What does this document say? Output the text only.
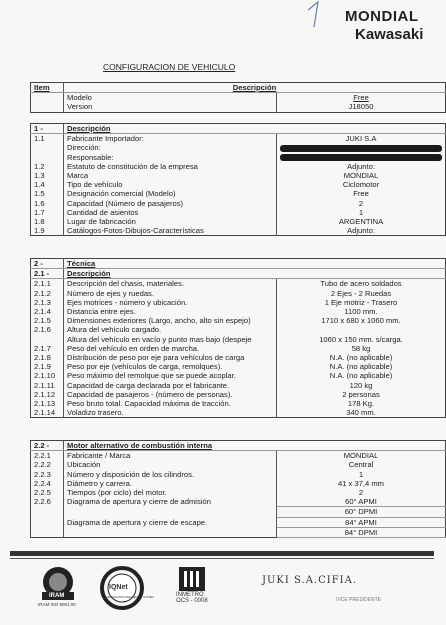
MONDIAL
Kawasaki
CONFIGURACION DE VEHICULO
Item	Descripción	
	Modelo	Free
	Version	J18050
1 -	Descripción	
1.1	Fabricante Importador:	JUKI S.A
	Dirección:	

	Responsable:	

1.2	Estatuto de constitución de la empresa	Adjunto:
1.3	Marca	MONDIAL
1.4	Tipo de vehículo	Ciclomotor
1.5	Designación comercial (Modelo)	Free
1.6	Capacidad (Número de pasajeros)	2
1.7	Cantidad de asientos	1
1.8	Lugar de fabricación	ARGENTINA
1.9	Catálogos-Fotos-Dibujos-Características	Adjunto:
2 -	Técnica	
2.1 -	Descripción	
2.1.1	Descripción del chasis, materiales.	Tubo de acero soldados
2.1.2	Número de ejes y ruedas.	2 Ejes - 2 Ruedas
2.1.3	Ejes motrices - número y ubicación.	1 Eje motriz - Trasero
2.1.4	Distancia entre ejes.	1100 mm.
2.1.5	Dimensiones exteriores (Largo, ancho, alto sin espejo)	1710 x 680 x 1060 mm.
2.1.6	Altura del vehículo cargado.	
	Altura del vehículo en vacío y punto mas bajo (despeje	1060 x 150 mm. s/carga.
2.1.7	Peso del vehículo en orden de marcha.	58 kg
2.1.8	Distribución de peso por eje para vehículos de carga	N.A. (no aplicable)
2.1.9	Peso por eje (vehículos de carga, remolques).	N.A. (no aplicable)
2.1.10	Peso máximo del remolque que se puede acoplar.	N.A. (no aplicable)
2.1.11	Capacidad de carga declarada por el fabricante.	120 kg
2.1.12	Capacidad de pasajeros - (número de personas).	2 personas
2.1.13	Peso bruto total. Capacidad máxima de tracción.	178 Kg.
2.1.14	Voladizo trasero.	340 mm.
2.2 -	Motor alternativo de combustión interna	
2.2.1	Fabricante / Marca	MONDIAL
2.2.2	Ubicación	Central
2.2.3	Número y disposición de los cilindros.	1
2.2.4	Diámetro y carrera.	41 x 37,4 mm
2.2.5	Tiempos (por ciclo) del motor.	2
2.2.6	Diagrama de apertura y cierre de admisión	60° APMI
		60° DPMI
	Diagrama de apertura y cierre de escape.	84° APMI
		84° DPMI
IRAM
IRAM ISO 9001:00
IQNet
CERTIFICATED MANAGEMENT SYSTEM	INMETRO
OCS - 0008
JUKI S.A.CIFIA.
VICE PRESIDENTE
